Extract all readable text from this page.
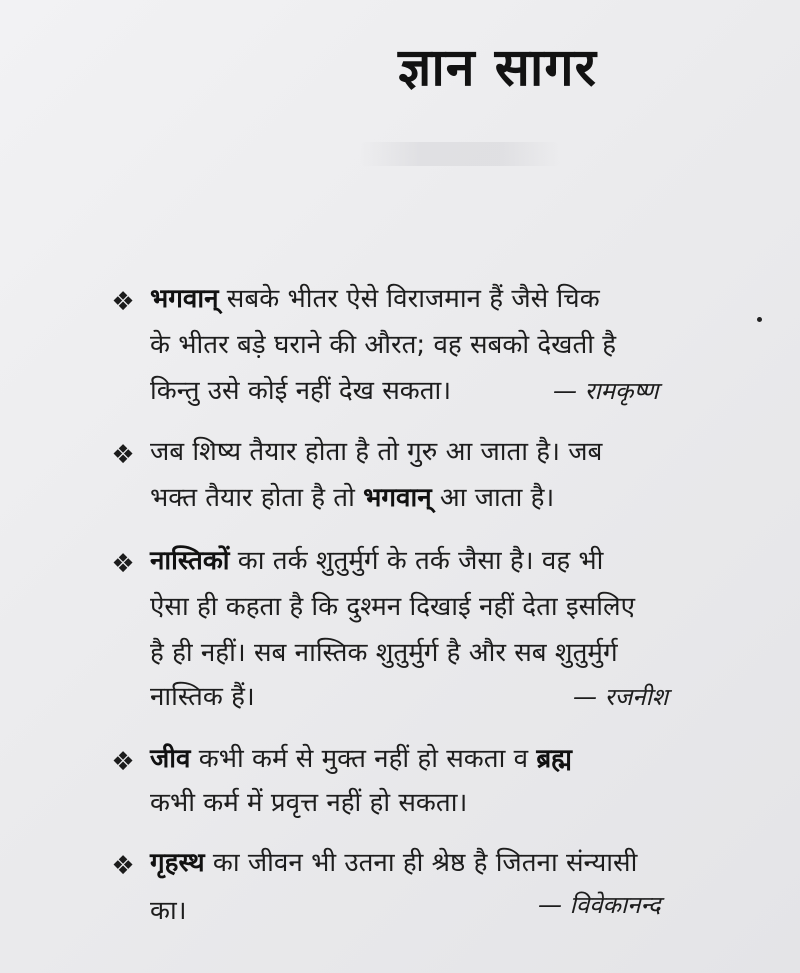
ज्ञान सागर
❖ भगवान् सबके भीतर ऐसे विराजमान हैं जैसे चिक
के भीतर बड़े घराने की औरत; वह सबको देखती है
किन्तु उसे कोई नहीं देख सकता।	— रामकृष्ण
❖ जब शिष्य तैयार होता है तो गुरु आ जाता है। जब
भक्त तैयार होता है तो भगवान् आ जाता है।
❖ नास्तिकों का तर्क शुतुर्मुर्ग के तर्क जैसा है। वह भी
ऐसा ही कहता है कि दुश्मन दिखाई नहीं देता इसलिए
है ही नहीं। सब नास्तिक शुतुर्मुर्ग है और सब शुतुर्मुर्ग
नास्तिक हैं।	— रजनीश
❖ जीव कभी कर्म से मुक्त नहीं हो सकता व ब्रह्म
कभी कर्म में प्रवृत्त नहीं हो सकता।
❖ गृहस्थ का जीवन भी उतना ही श्रेष्ठ है जितना संन्यासी
का।	— विवेकानन्द
